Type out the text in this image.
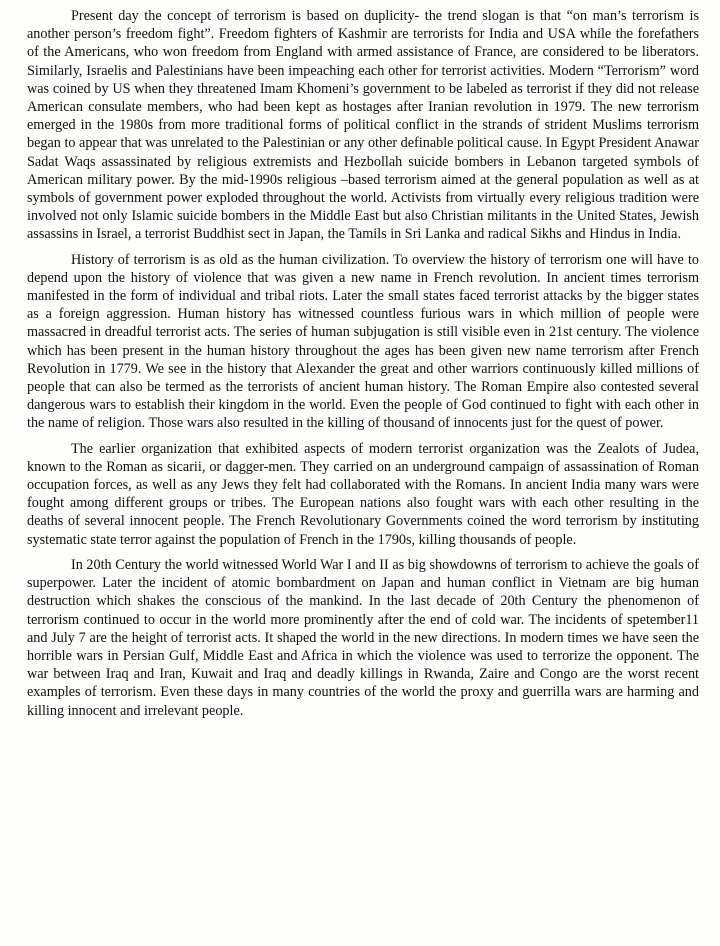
Present day the concept of terrorism is based on duplicity- the trend slogan is that “on man’s terrorism is another person’s freedom fight”. Freedom fighters of Kashmir are terrorists for India and USA while the forefathers of the Americans, who won freedom from England with armed assistance of France, are considered to be liberators. Similarly, Israelis and Palestinians have been impeaching each other for terrorist activities. Modern “Terrorism” word was coined by US when they threatened Imam Khomeni’s government to be labeled as terrorist if they did not release American consulate members, who had been kept as hostages after Iranian revolution in 1979. The new terrorism emerged in the 1980s from more traditional forms of political conflict in the strands of strident Muslims terrorism began to appear that was unrelated to the Palestinian or any other definable political cause. In Egypt President Anawar Sadat Waqs assassinated by religious extremists and Hezbollah suicide bombers in Lebanon targeted symbols of American military power. By the mid-1990s religious –based terrorism aimed at the general population as well as at symbols of government power exploded throughout the world. Activists from virtually every religious tradition were involved not only Islamic suicide bombers in the Middle East but also Christian militants in the United States, Jewish assassins in Israel, a terrorist Buddhist sect in Japan, the Tamils in Sri Lanka and radical Sikhs and Hindus in India.

History of terrorism is as old as the human civilization. To overview the history of terrorism one will have to depend upon the history of violence that was given a new name in French revolution. In ancient times terrorism manifested in the form of individual and tribal riots. Later the small states faced terrorist attacks by the bigger states as a foreign aggression. Human history has witnessed countless furious wars in which million of people were massacred in dreadful terrorist acts. The series of human subjugation is still visible even in 21st century. The violence which has been present in the human history throughout the ages has been given new name terrorism after French Revolution in 1779. We see in the history that Alexander the great and other warriors continuously killed millions of people that can also be termed as the terrorists of ancient human history. The Roman Empire also contested several dangerous wars to establish their kingdom in the world. Even the people of God continued to fight with each other in the name of religion. Those wars also resulted in the killing of thousand of innocents just for the quest of power.

The earlier organization that exhibited aspects of modern terrorist organization was the Zealots of Judea, known to the Roman as sicarii, or dagger-men. They carried on an underground campaign of assassination of Roman occupation forces, as well as any Jews they felt had collaborated with the Romans. In ancient India many wars were fought among different groups or tribes. The European nations also fought wars with each other resulting in the deaths of several innocent people. The French Revolutionary Governments coined the word terrorism by instituting systematic state terror against the population of French in the 1790s, killing thousands of people.

In 20th Century the world witnessed World War I and II as big showdowns of terrorism to achieve the goals of superpower. Later the incident of atomic bombardment on Japan and human conflict in Vietnam are big human destruction which shakes the conscious of the mankind. In the last decade of 20th Century the phenomenon of terrorism continued to occur in the world more prominently after the end of cold war. The incidents of spetember11 and July 7 are the height of terrorist acts. It shaped the world in the new directions. In modern times we have seen the horrible wars in Persian Gulf, Middle East and Africa in which the violence was used to terrorize the opponent. The war between Iraq and Iran, Kuwait and Iraq and deadly killings in Rwanda, Zaire and Congo are the worst recent examples of terrorism. Even these days in many countries of the world the proxy and guerrilla wars are harming and killing innocent and irrelevant people.
